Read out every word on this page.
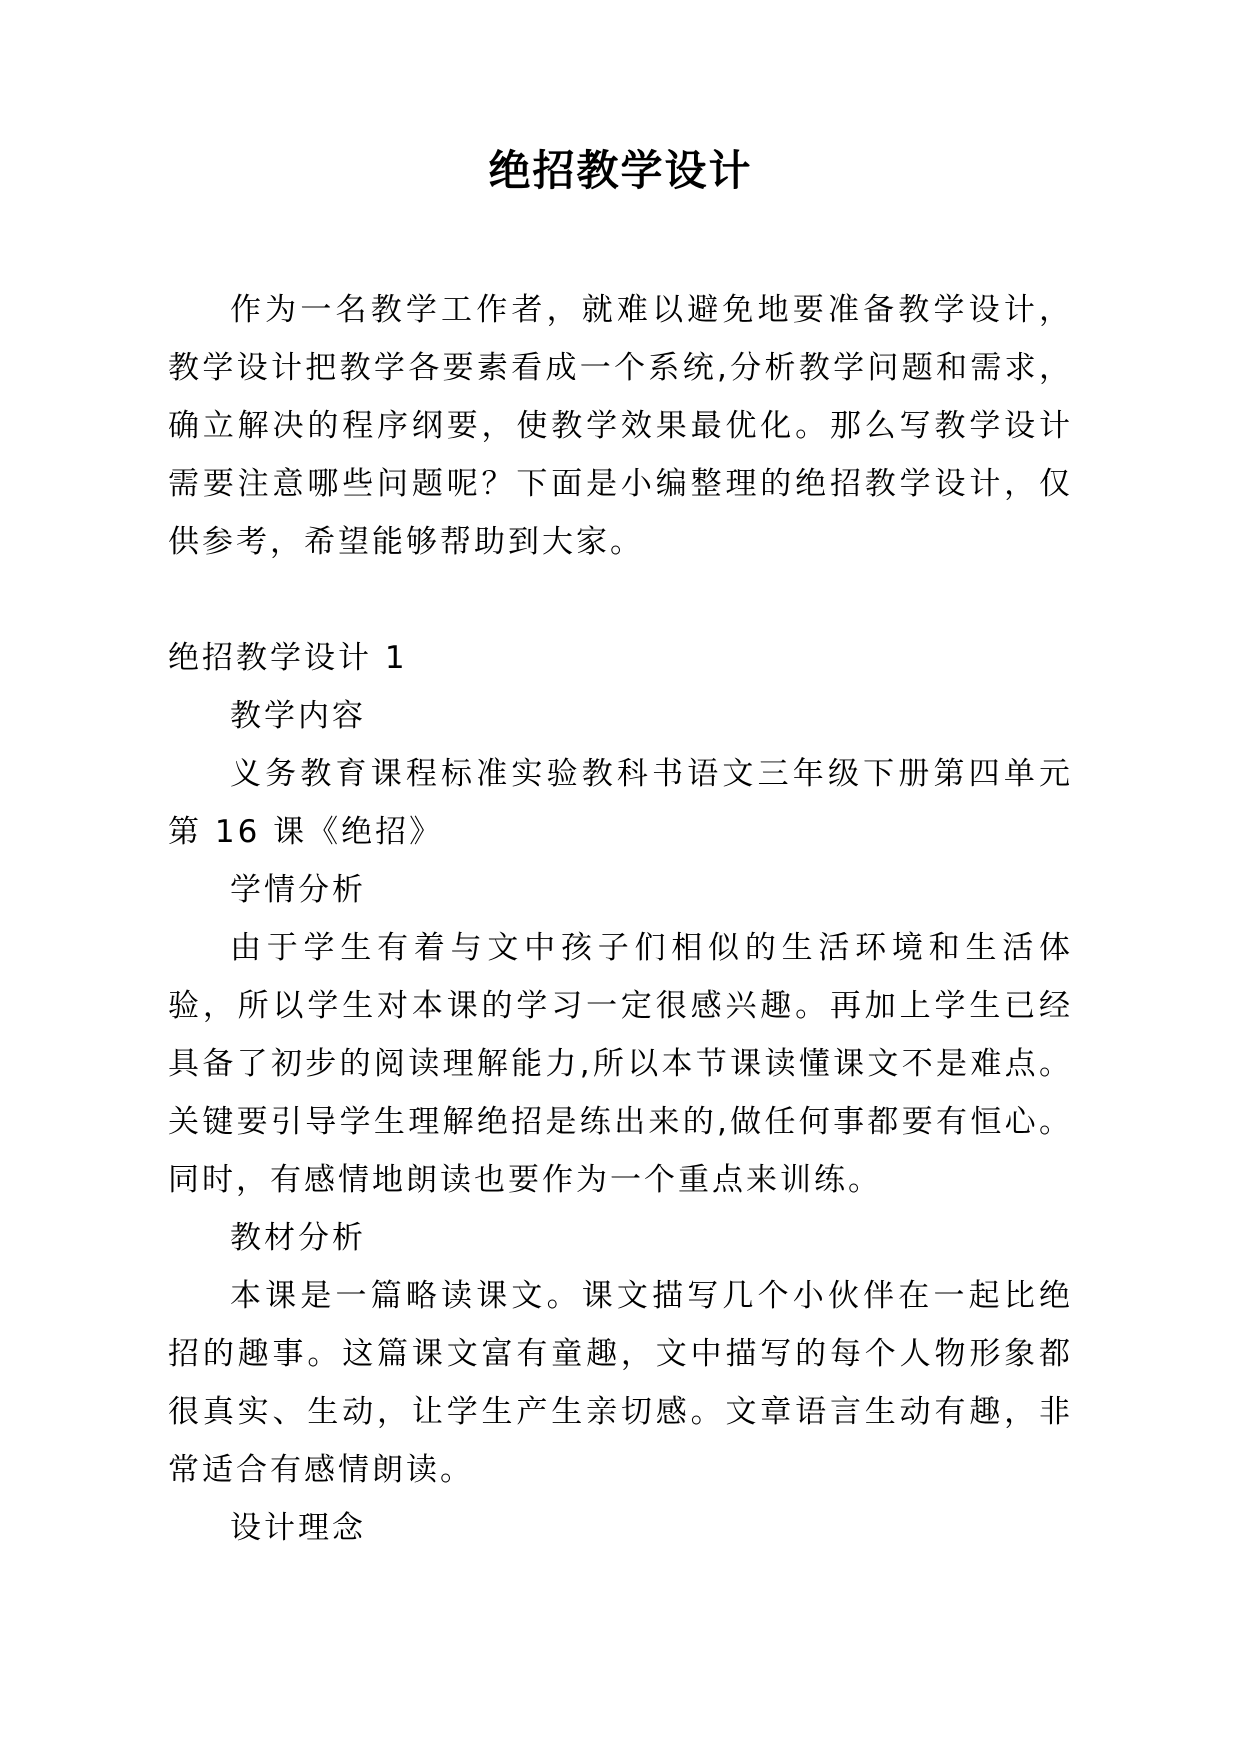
绝招教学设计

作为一名教学工作者，就难以避免地要准备教学设计，教学设计把教学各要素看成一个系统,分析教学问题和需求，确立解决的程序纲要，使教学效果最优化。那么写教学设计需要注意哪些问题呢？下面是小编整理的绝招教学设计，仅供参考，希望能够帮助到大家。

绝招教学设计 1

教学内容

义务教育课程标准实验教科书语文三年级下册第四单元第 16 课《绝招》

学情分析

由于学生有着与文中孩子们相似的生活环境和生活体验，所以学生对本课的学习一定很感兴趣。再加上学生已经具备了初步的阅读理解能力,所以本节课读懂课文不是难点。关键要引导学生理解绝招是练出来的,做任何事都要有恒心。同时，有感情地朗读也要作为一个重点来训练。

教材分析

本课是一篇略读课文。课文描写几个小伙伴在一起比绝招的趣事。这篇课文富有童趣，文中描写的每个人物形象都很真实、生动，让学生产生亲切感。文章语言生动有趣，非常适合有感情朗读。

设计理念
